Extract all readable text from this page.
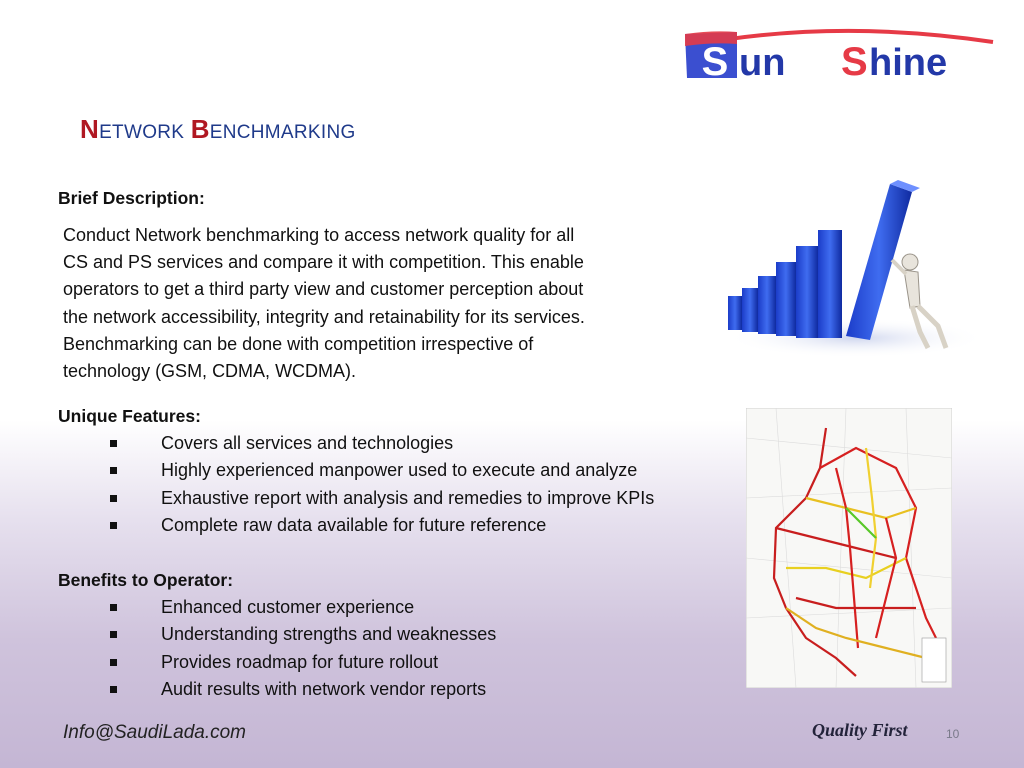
S un S hine
NETWORK BENCHMARKING
Brief Description:
Conduct Network benchmarking to access network quality for all
CS and PS services and compare it with competition. This enable
operators to get a third party view and customer perception about
the network accessibility, integrity and retainability for its services.
Benchmarking can be done with competition irrespective of
technology (GSM, CDMA, WCDMA).
Unique Features:
Covers all services and technologies
Highly experienced manpower used to execute and analyze
Exhaustive report with analysis and remedies to improve KPIs
Complete raw data available for future reference
Benefits to Operator:
Enhanced customer experience
Understanding strengths and weaknesses
Provides roadmap for future rollout
Audit results with network vendor reports
Info@SaudiLada.com	Quality First	10
